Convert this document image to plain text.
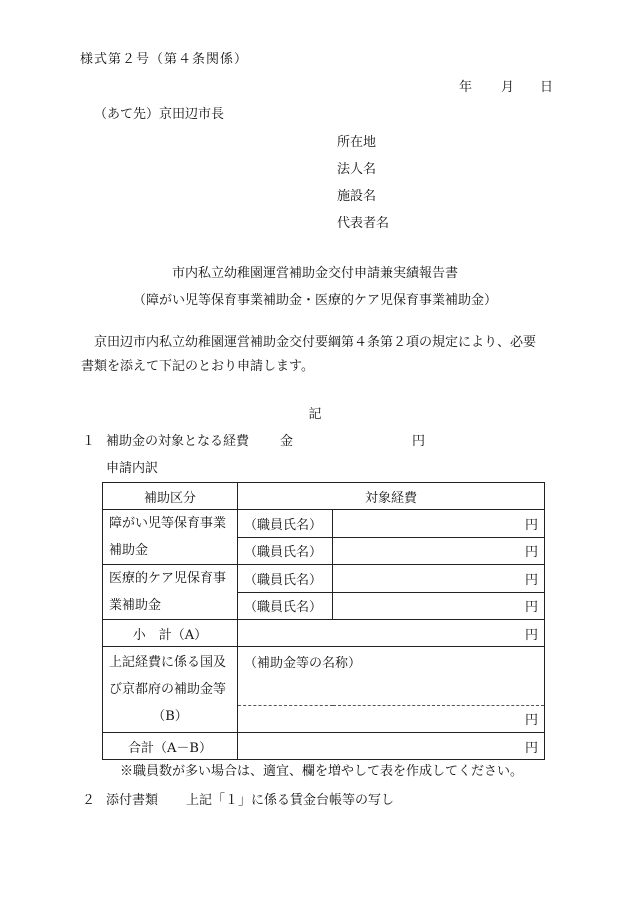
様式第２号（第４条関係）
年 月 日
（あて先）京田辺市長
所在地
法人名
施設名
代表者名
市内私立幼稚園運営補助金交付申請兼実績報告書
（障がい児等保育事業補助金・医療的ケア児保育事業補助金）
京田辺市内私立幼稚園運営補助金交付要綱第４条第２項の規定により、必要
書類を添えて下記のとおり申請します。
記
１ 補助金の対象となる経費 金	円
申請内訳
補助区分	対象経費	

障がい児等保育事業
補助金	（職員氏名）	円
	（職員氏名）	円

医療的ケア児保育事
業補助金	（職員氏名）	円
	（職員氏名）	円
小　計（A）	円	

上記経費に係る国及
び京都府の補助金等
（B）	（補助金等の名称）	
	円	
合計（A－B）	円	
※職員数が多い場合は、適宜、欄を増やして表を作成してください。
２ 添付書類 上記「１」に係る賃金台帳等の写し
